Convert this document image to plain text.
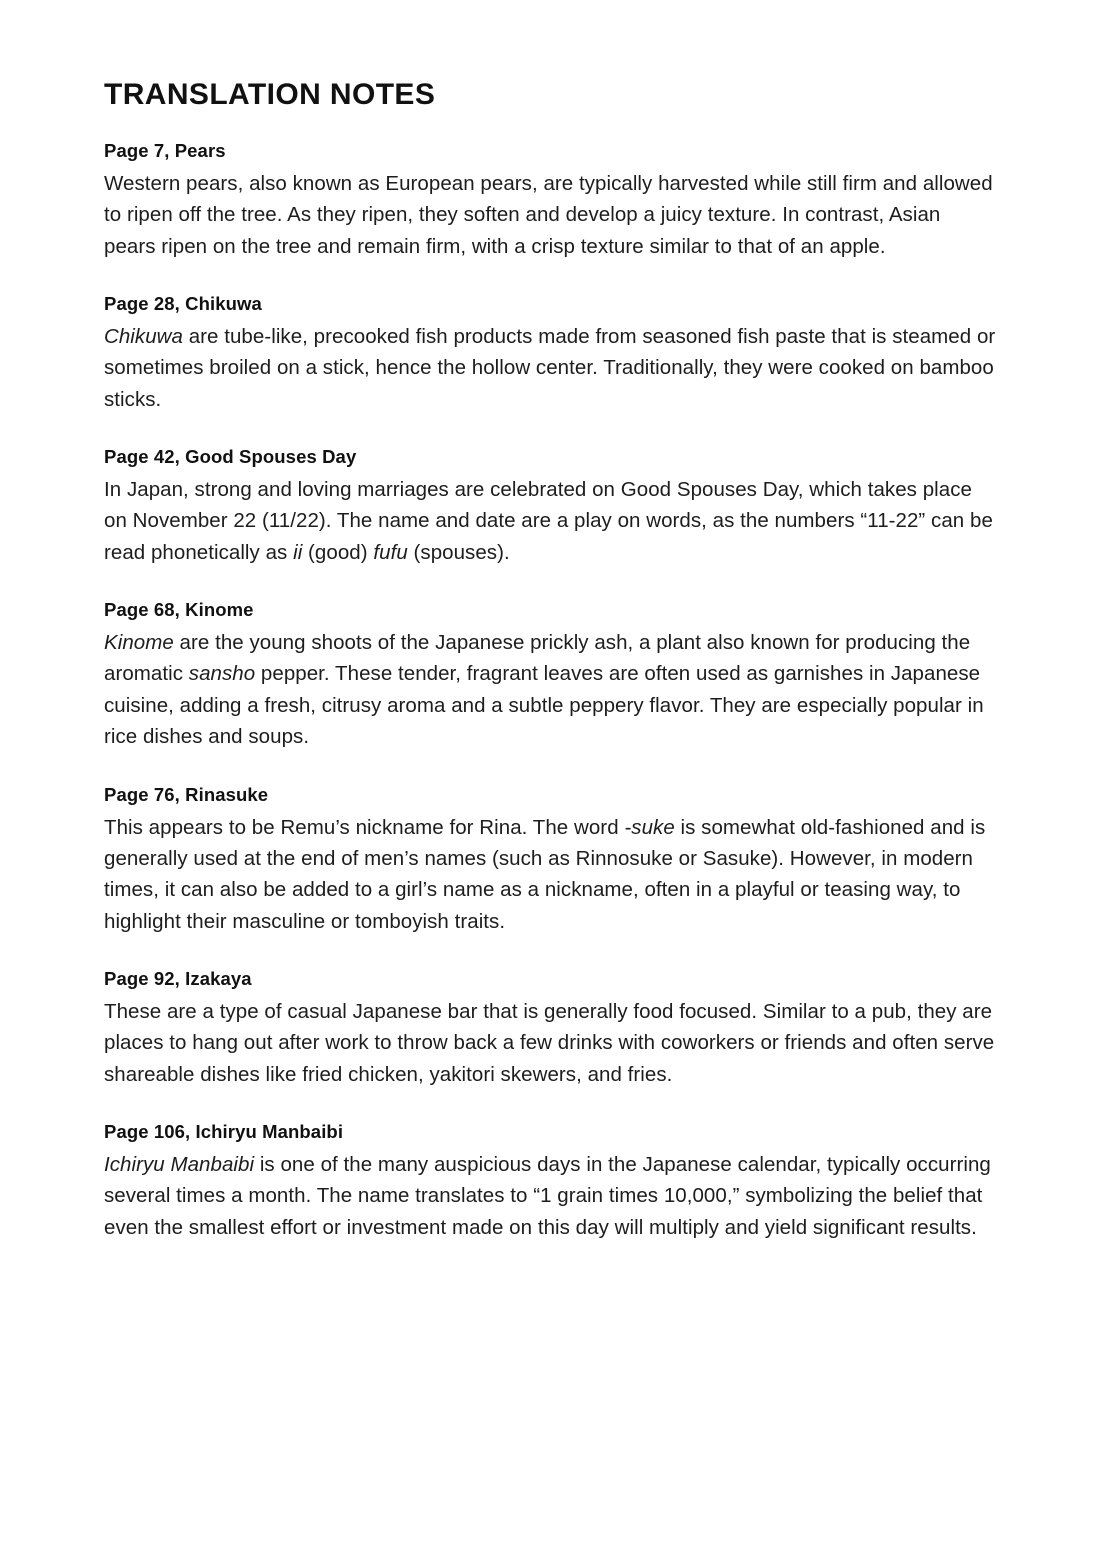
TRANSLATION NOTES
Page 7, Pears

Western pears, also known as European pears, are typically harvested while still firm and allowed to ripen off the tree. As they ripen, they soften and develop a juicy texture. In contrast, Asian pears ripen on the tree and remain firm, with a crisp texture similar to that of an apple.

Page 28, Chikuwa

Chikuwa are tube-like, precooked fish products made from seasoned fish paste that is steamed or sometimes broiled on a stick, hence the hollow center. Traditionally, they were cooked on bamboo sticks.

Page 42, Good Spouses Day

In Japan, strong and loving marriages are celebrated on Good Spouses Day, which takes place on November 22 (11/22). The name and date are a play on words, as the numbers “11-22” can be read phonetically as ii (good) fufu (spouses).

Page 68, Kinome

Kinome are the young shoots of the Japanese prickly ash, a plant also known for producing the aromatic sansho pepper. These tender, fragrant leaves are often used as garnishes in Japanese cuisine, adding a fresh, citrusy aroma and a subtle peppery flavor. They are especially popular in rice dishes and soups.

Page 76, Rinasuke

This appears to be Remu’s nickname for Rina. The word -suke is somewhat old-fashioned and is generally used at the end of men’s names (such as Rinnosuke or Sasuke). However, in modern times, it can also be added to a girl’s name as a nickname, often in a playful or teasing way, to highlight their masculine or tomboyish traits.

Page 92, Izakaya

These are a type of casual Japanese bar that is generally food focused. Similar to a pub, they are places to hang out after work to throw back a few drinks with coworkers or friends and often serve shareable dishes like fried chicken, yakitori skewers, and fries.

Page 106, Ichiryu Manbaibi

Ichiryu Manbaibi is one of the many auspicious days in the Japanese calendar, typically occurring several times a month. The name translates to “1 grain times 10,000,” symbolizing the belief that even the smallest effort or investment made on this day will multiply and yield significant results.
